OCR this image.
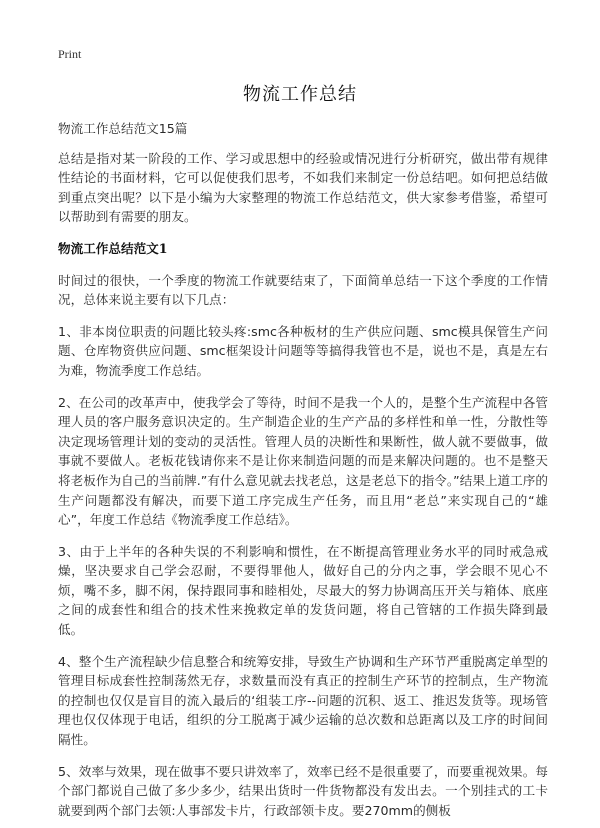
Print
物流工作总结

物流工作总结范文15篇

总结是指对某一阶段的工作、学习或思想中的经验或情况进行分析研究，做出带有规律性结论的书面材料，它可以促使我们思考，不如我们来制定一份总结吧。如何把总结做到重点突出呢？以下是小编为大家整理的物流工作总结范文，供大家参考借鉴，希望可以帮助到有需要的朋友。

物流工作总结范文1

时间过的很快，一个季度的物流工作就要结束了，下面简单总结一下这个季度的工作情况，总体来说主要有以下几点：

1、非本岗位职责的问题比较头疼:smc各种板材的生产供应问题、smc模具保管生产问题、仓库物资供应问题、smc框架设计问题等等搞得我管也不是，说也不是，真是左右为难，物流季度工作总结。

2、在公司的改革声中，使我学会了等待，时间不是我一个人的，是整个生产流程中各管理人员的客户服务意识决定的。生产制造企业的生产产品的多样性和单一性，分散性等决定现场管理计划的变动的灵活性。管理人员的决断性和果断性，做人就不要做事，做事就不要做人。老板花钱请你来不是让你来制造问题的而是来解决问题的。也不是整天将老板作为自己的当前牌.”有什么意见就去找老总，这是老总下的指令。”结果上道工序的生产问题都没有解决，而要下道工序完成生产任务，而且用“老总”来实现自己的“雄心”，年度工作总结《物流季度工作总结》。

3、由于上半年的各种失误的不利影响和惯性，在不断提高管理业务水平的同时戒急戒燥，坚决要求自己学会忍耐，不要得罪他人，做好自己的分内之事，学会眼不见心不烦，嘴不多，脚不闲，保持跟同事和睦相处，尽最大的努力协调高压开关与箱体、底座之间的成套性和组合的技术性来挽救定单的发货问题，将自己管辖的工作损失降到最低。

4、整个生产流程缺少信息整合和统筹安排，导致生产协调和生产环节严重脱离定单型的管理目标成套性控制荡然无存，求数量而没有真正的控制生产环节的控制点，生产物流的控制也仅仅是盲目的流入最后的‘组装工序--问题的沉积、返工、推迟发货等。现场管理也仅仅体现于电话，组织的分工脱离于减少运输的总次数和总距离以及工序的时间间隔性。

5、效率与效果，现在做事不要只讲效率了，效率已经不是很重要了，而要重视效果。每个部门都说自己做了多少多少，结果出货时一件货物都没有发出去。一个别挂式的工卡就要到两个部门去领:人事部发卡片，行政部领卡皮。要270mm的侧板
